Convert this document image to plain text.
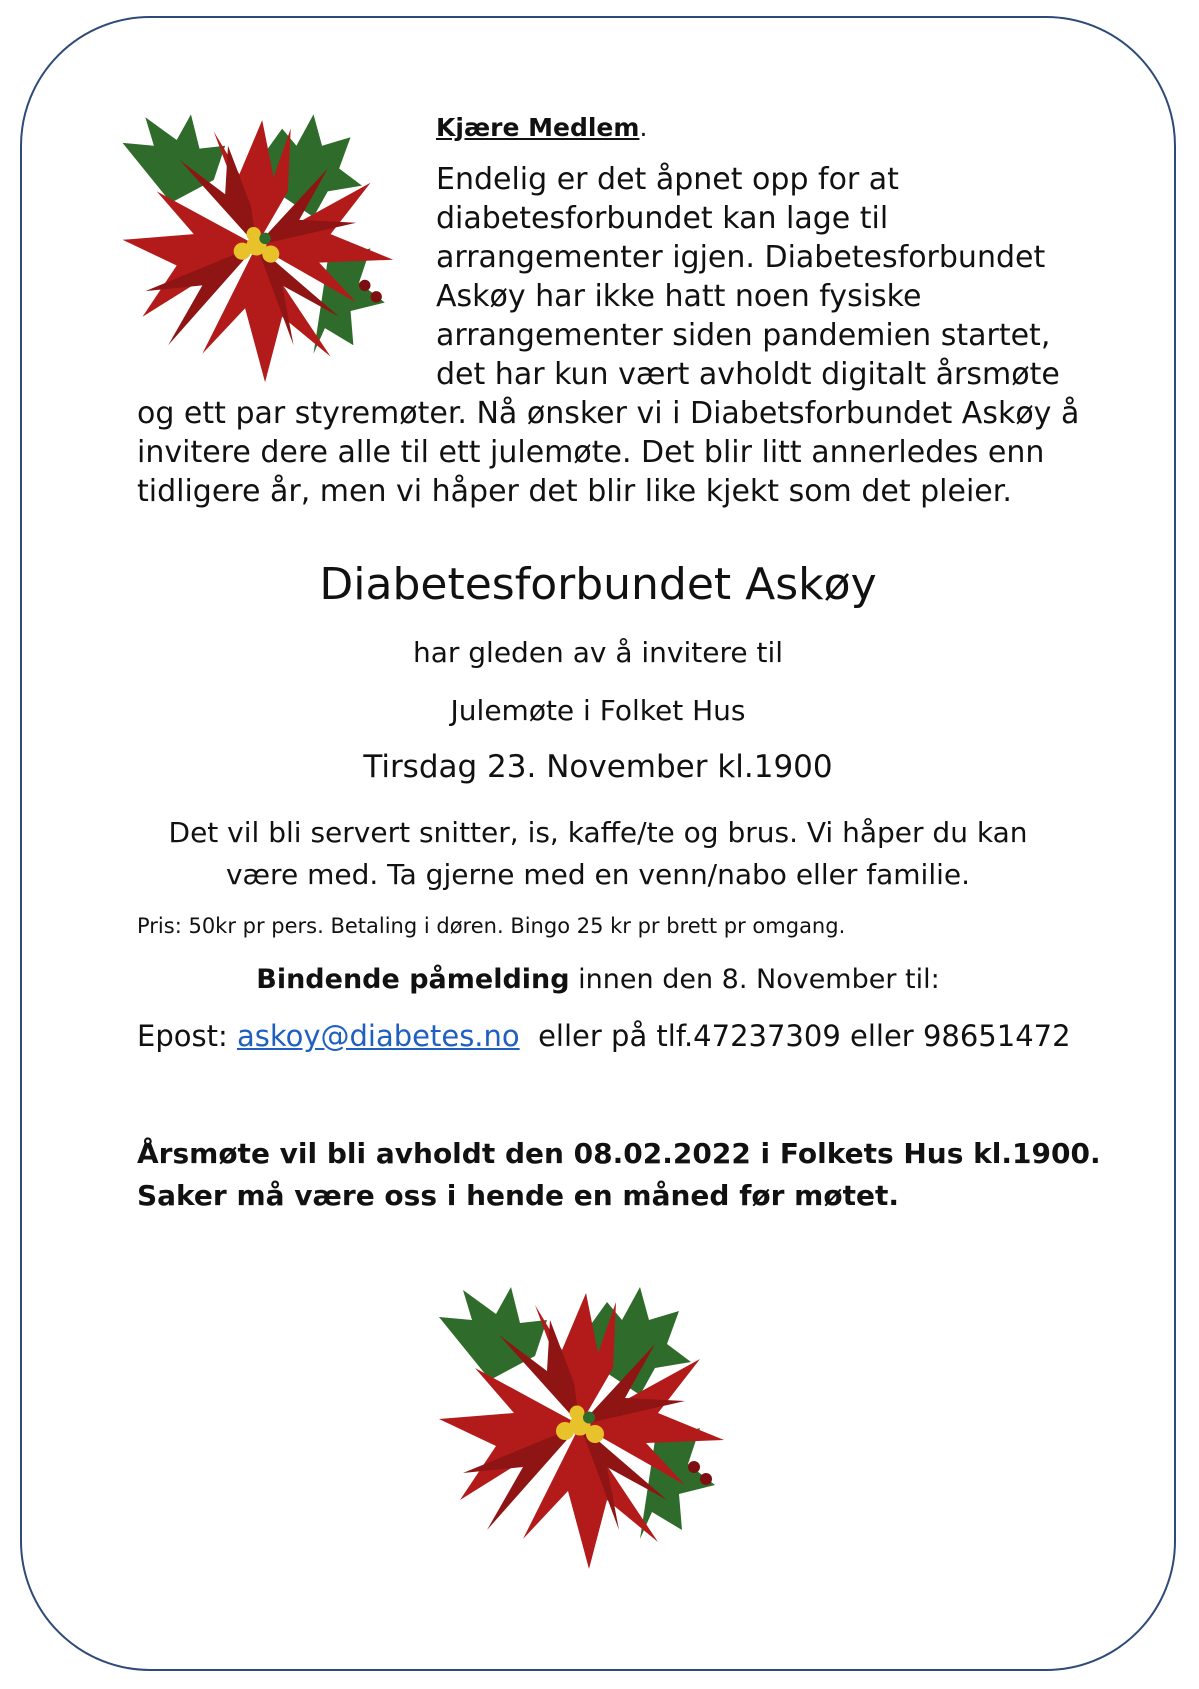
Kjære Medlem.

Endelig er det åpnet opp for at

diabetesforbundet kan lage til

arrangementer igjen. Diabetesforbundet

Askøy har ikke hatt noen fysiske

arrangementer siden pandemien startet,

det har kun vært avholdt digitalt årsmøte

og ett par styremøter. Nå ønsker vi i Diabetsforbundet Askøy å

invitere dere alle til ett julemøte. Det blir litt annerledes enn

tidligere år, men vi håper det blir like kjekt som det pleier.

Diabetesforbundet Askøy

har gleden av å invitere til

Julemøte i Folket Hus

Tirsdag 23. November kl.1900

Det vil bli servert snitter, is, kaffe/te og brus. Vi håper du kan
være med. Ta gjerne med en venn/nabo eller familie.

Pris: 50kr pr pers. Betaling i døren. Bingo 25 kr pr brett pr omgang.

Bindende påmelding innen den 8. November til:

Epost: askoy@diabetes.no  eller på tlf.47237309 eller 98651472

Årsmøte vil bli avholdt den 08.02.2022 i Folkets Hus kl.1900.
Saker må være oss i hende en måned før møtet.
